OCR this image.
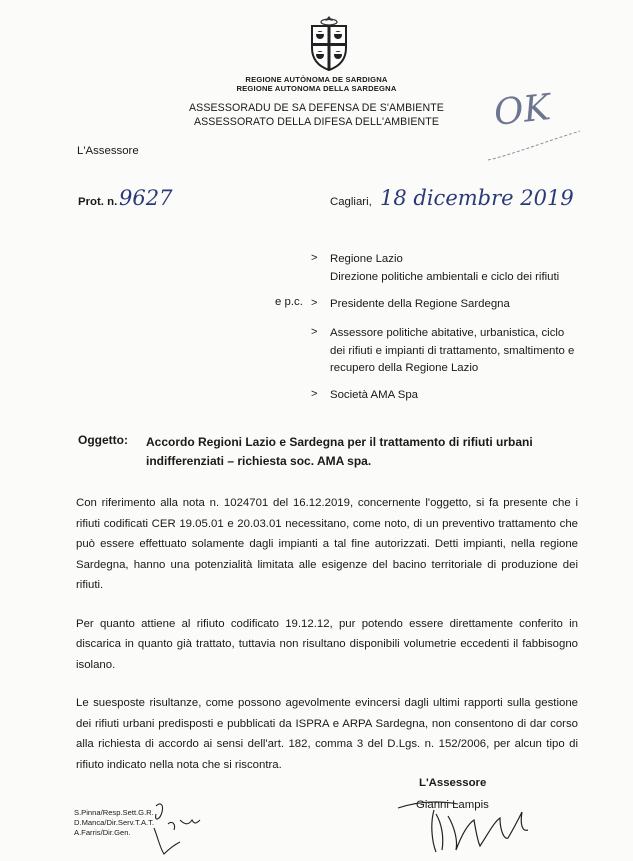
REGIONE AUTÒNOMA DE SARDIGNA
REGIONE AUTONOMA DELLA SARDEGNA
ASSESSORADU DE SA DEFENSA DE S'AMBIENTE
ASSESSORATO DELLA DIFESA DELL'AMBIENTE	OK
L'Assessore
Prot. n. 9627	Cagliari, 18 dicembre 2019
e p.c.
> Regione Lazio
Direzione politiche ambientali e ciclo dei rifiuti
> Presidente della Regione Sardegna
> Assessore politiche abitative, urbanistica, ciclo
dei rifiuti e impianti di trattamento, smaltimento e
recupero della Regione Lazio
> Società AMA Spa
Oggetto: Accordo Regioni Lazio e Sardegna per il trattamento di rifiuti urbani indifferenziati – richiesta soc. AMA spa.

Con riferimento alla nota n. 1024701 del 16.12.2019, concernente l'oggetto, si fa presente che i rifiuti codificati CER 19.05.01 e 20.03.01 necessitano, come noto, di un preventivo trattamento che può essere effettuato solamente dagli impianti a tal fine autorizzati. Detti impianti, nella regione Sardegna, hanno una potenzialità limitata alle esigenze del bacino territoriale di produzione dei rifiuti.

Per quanto attiene al rifiuto codificato 19.12.12, pur potendo essere direttamente conferito in discarica in quanto già trattato, tuttavia non risultano disponibili volumetrie eccedenti il fabbisogno isolano.

Le suesposte risultanze, come possono agevolmente evincersi dagli ultimi rapporti sulla gestione dei rifiuti urbani predisposti e pubblicati da ISPRA e ARPA Sardegna, non consentono di dar corso alla richiesta di accordo ai sensi dell'art. 182, comma 3 del D.Lgs. n. 152/2006, per alcun tipo di rifiuto indicato nella nota che si riscontra.

L'Assessore
Gianni Lampis
S.Pinna/Resp.Sett.G.R.
D.Manca/Dir.Serv.T.A.T.
A.Farris/Dir.Gen.
